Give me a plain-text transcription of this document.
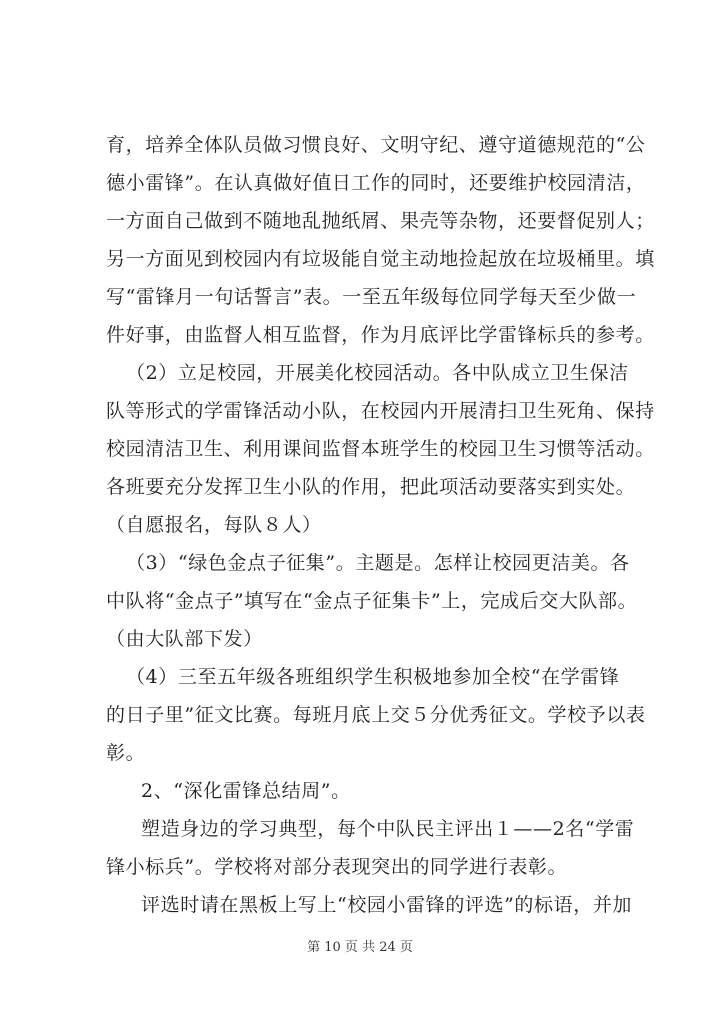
育，培养全体队员做习惯良好、文明守纪、遵守道德规范的“公
德小雷锋”。在认真做好值日工作的同时，还要维护校园清洁，
一方面自己做到不随地乱抛纸屑、果壳等杂物，还要督促别人；
另一方面见到校园内有垃圾能自觉主动地捡起放在垃圾桶里。填
写“雷锋月一句话誓言”表。一至五年级每位同学每天至少做一
件好事，由监督人相互监督，作为月底评比学雷锋标兵的参考。
（2）立足校园，开展美化校园活动。各中队成立卫生保洁
队等形式的学雷锋活动小队，在校园内开展清扫卫生死角、保持
校园清洁卫生、利用课间监督本班学生的校园卫生习惯等活动。
各班要充分发挥卫生小队的作用，把此项活动要落实到实处。
（自愿报名，每队８人）
（3）“绿色金点子征集”。主题是。怎样让校园更洁美。各
中队将“金点子”填写在“金点子征集卡”上，完成后交大队部。
（由大队部下发）
（4）三至五年级各班组织学生积极地参加全校“在学雷锋
的日子里”征文比赛。每班月底上交５分优秀征文。学校予以表
彰。
2、“深化雷锋总结周”。
塑造身边的学习典型，每个中队民主评出１——2名“学雷
锋小标兵”。学校将对部分表现突出的同学进行表彰。
评选时请在黑板上写上“校园小雷锋的评选”的标语，并加
第 10 页 共 24 页
